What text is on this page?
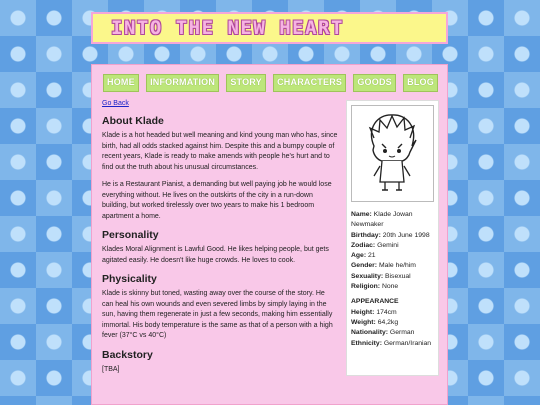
INTO THE NEW HEART
HOME	INFORMATION	STORY	CHARACTERS	GOODS	BLOG
Go Back
About Klade

Klade is a hot headed but well meaning and kind young man who has, since birth, had all odds stacked against him. Despite this and a bumpy couple of recent years, Klade is ready to make amends with people he's hurt and to find out the truth about his unusual circumstances.

He is a Restaurant Pianist, a demanding but well paying job he would lose everything without. He lives on the outskirts of the city in a run-down building, but worked tirelessly over two years to make his 1 bedroom apartment a home.

Personality

Klades Moral Alignment is Lawful Good. He likes helping people, but gets agitated easily. He doesn't like huge crowds. He loves to cook.

Physicality

Klade is skinny but toned, wasting away over the course of the story. He can heal his own wounds and even severed limbs by simply laying in the sun, having them regenerate in just a few seconds, making him essentially immortal. His body temperature is the same as that of a person with a high fever (37°C vs 40°C)

Backstory

[TBA]

Name: Klade Jowan Newmaker
Birthday: 20th June 1998
Zodiac: Gemini
Age: 21
Gender: Male he/him
Sexuality: Bisexual
Religion: None
APPEARANCE
Height: 174cm
Weight: 64,2kg
Nationality: German
Ethnicity: German/Iranian
